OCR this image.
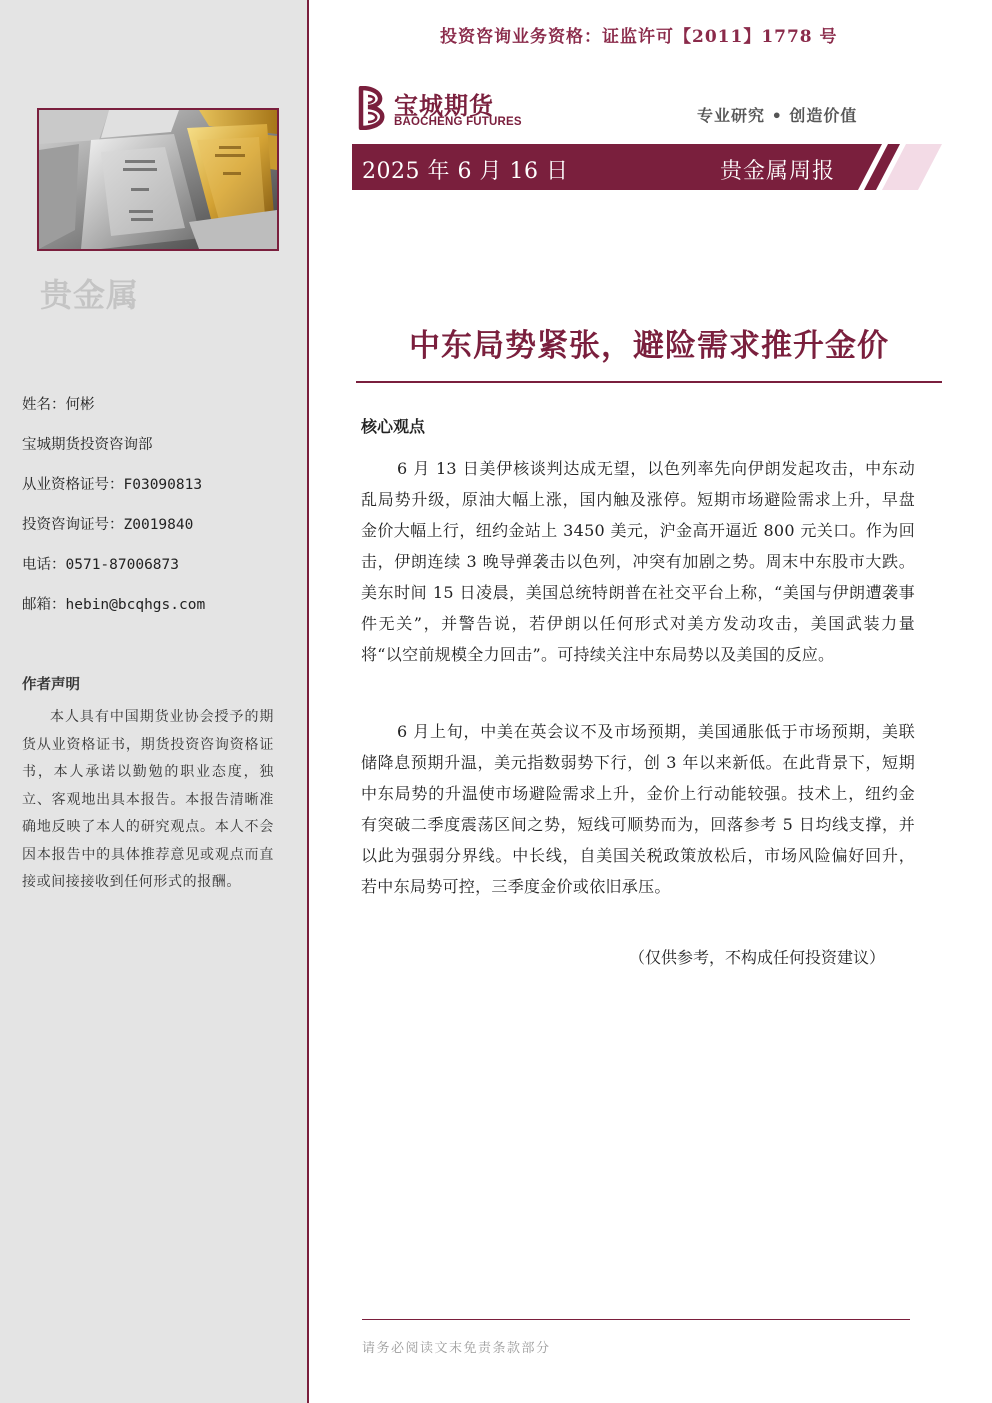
贵金属
姓名：何彬
宝城期货投资咨询部
从业资格证号：F03090813
投资咨询证号：Z0019840
电话：0571-87006873
邮箱：hebin@bcqhgs.com
作者声明
本人具有中国期货业协会授予的期货从业资格证书，期货投资咨询资格证书，本人承诺以勤勉的职业态度，独立、客观地出具本报告。本报告清晰准确地反映了本人的研究观点。本人不会因本报告中的具体推荐意见或观点而直接或间接接收到任何形式的报酬。
投资咨询业务资格：证监许可【2011】1778 号
宝城期货
BAOCHENG FUTURES	专业研究 • 创造价值
2025 年 6 月 16 日	贵金属周报
中东局势紧张，避险需求推升金价
核心观点

6 月 13 日美伊核谈判达成无望，以色列率先向伊朗发起攻击，中东动乱局势升级，原油大幅上涨，国内触及涨停。短期市场避险需求上升，早盘金价大幅上行，纽约金站上 3450 美元，沪金高开逼近 800 元关口。作为回击，伊朗连续 3 晚导弹袭击以色列，冲突有加剧之势。周末中东股市大跌。美东时间 15 日凌晨，美国总统特朗普在社交平台上称，“美国与伊朗遭袭事件无关”，并警告说，若伊朗以任何形式对美方发动攻击，美国武装力量将“以空前规模全力回击”。可持续关注中东局势以及美国的反应。

6 月上旬，中美在英会议不及市场预期，美国通胀低于市场预期，美联储降息预期升温，美元指数弱势下行，创 3 年以来新低。在此背景下，短期中东局势的升温使市场避险需求上升，金价上行动能较强。技术上，纽约金有突破二季度震荡区间之势，短线可顺势而为，回落参考 5 日均线支撑，并以此为强弱分界线。中长线，自美国关税政策放松后，市场风险偏好回升，若中东局势可控，三季度金价或依旧承压。

（仅供参考，不构成任何投资建议）
请务必阅读文末免责条款部分
